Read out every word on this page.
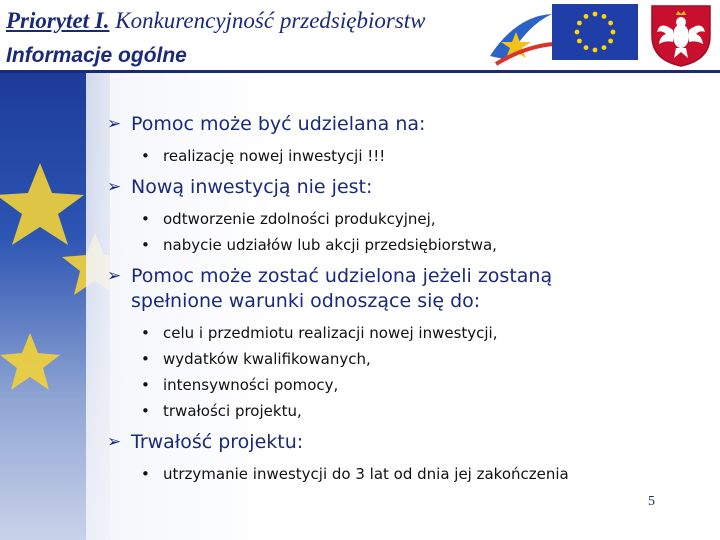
Priorytet I. Konkurencyjność przedsiębiorstw
Informacje ogólne

➢ Pomoc może być udzielana na:

• realizację nowej inwestycji !!!

➢ Nową inwestycją nie jest:

• odtworzenie zdolności produkcyjnej,

• nabycie udziałów lub akcji przedsiębiorstwa,

➢ Pomoc może zostać udzielona jeżeli zostaną

spełnione warunki odnoszące się do:

• celu i przedmiotu realizacji nowej inwestycji,

• wydatków kwalifikowanych,

• intensywności pomocy,

• trwałości projektu,

➢ Trwałość projektu:

• utrzymanie inwestycji do 3 lat od dnia jej zakończenia

5
